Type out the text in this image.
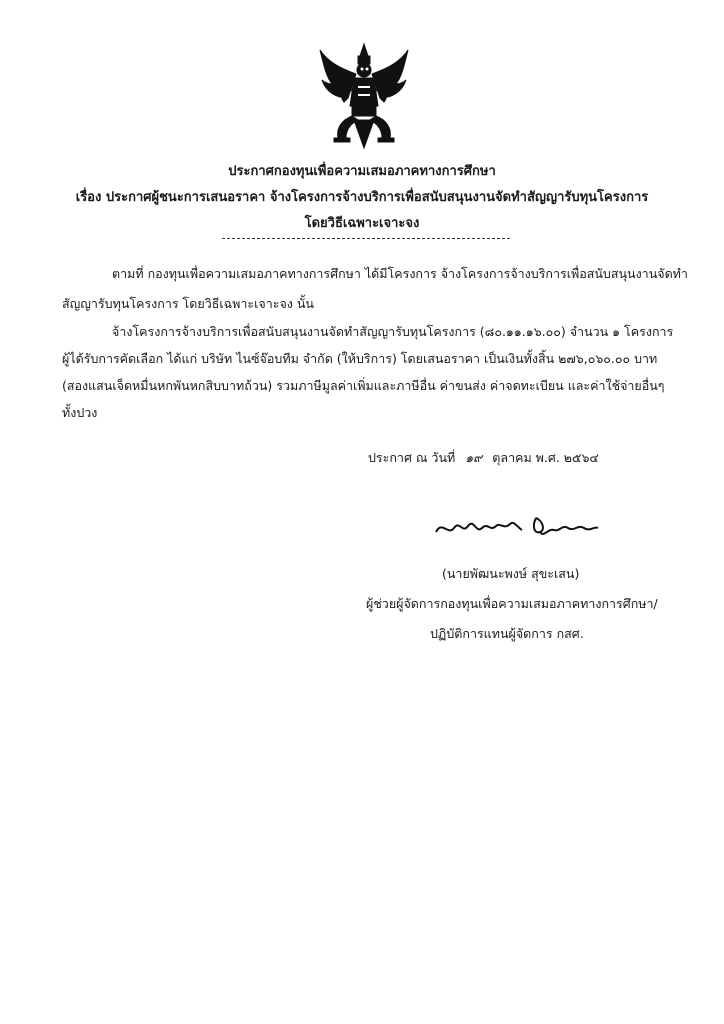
ประกาศกองทุนเพื่อความเสมอภาคทางการศึกษา
เรื่อง ประกาศผู้ชนะการเสนอราคา จ้างโครงการจ้างบริการเพื่อสนับสนุนงานจัดทำสัญญารับทุนโครงการ
โดยวิธีเฉพาะเจาะจง
ตามที่ กองทุนเพื่อความเสมอภาคทางการศึกษา ได้มีโครงการ จ้างโครงการจ้างบริการเพื่อสนับสนุนงานจัดทำ
สัญญารับทุนโครงการ โดยวิธีเฉพาะเจาะจง นั้น
จ้างโครงการจ้างบริการเพื่อสนับสนุนงานจัดทำสัญญารับทุนโครงการ (๘๐.๑๑.๑๖.๐๐) จำนวน ๑ โครงการ
ผู้ได้รับการคัดเลือก ได้แก่ บริษัท ไนซ์จ๊อบทีม จำกัด (ให้บริการ) โดยเสนอราคา เป็นเงินทั้งสิ้น ๒๗๖,๐๖๐.๐๐ บาท
(สองแสนเจ็ดหมื่นหกพันหกสิบบาทถ้วน) รวมภาษีมูลค่าเพิ่มและภาษีอื่น ค่าขนส่ง ค่าจดทะเบียน และค่าใช้จ่ายอื่นๆ
ทั้งปวง
ประกาศ ณ วันที่ ๑๙ ตุลาคม พ.ศ. ๒๕๖๔
(นายพัฒนะพงษ์ สุขะเสน)
ผู้ช่วยผู้จัดการกองทุนเพื่อความเสมอภาคทางการศึกษา/
ปฏิบัติการแทนผู้จัดการ กสศ.
